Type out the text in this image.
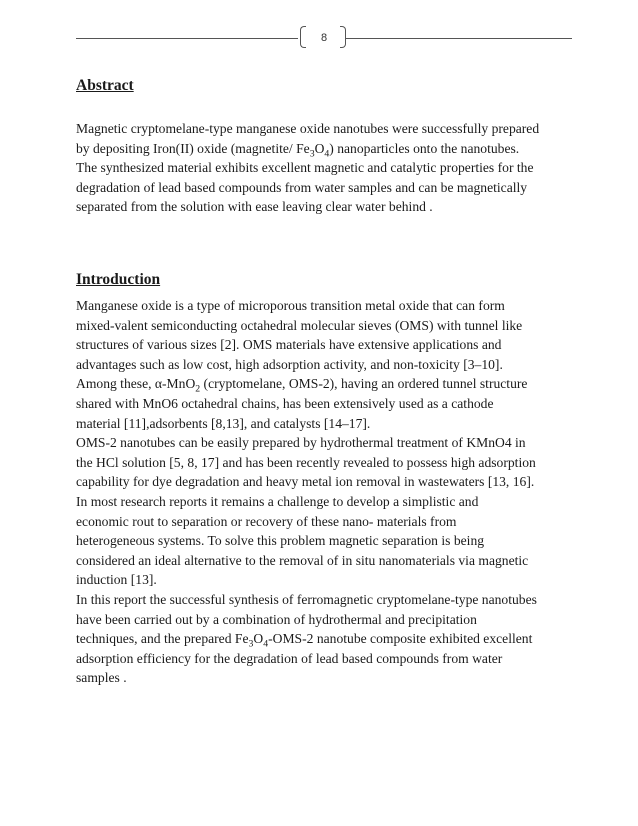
8
Abstract

Magnetic cryptomelane-type manganese oxide nanotubes were successfully prepared
by depositing Iron(II) oxide (magnetite/ $Fe_3O_4$) nanoparticles onto the nanotubes.
The synthesized material exhibits excellent magnetic and catalytic properties for the
degradation of lead based compounds from water samples and can be magnetically
separated from the solution with ease leaving clear water behind .

Introduction

Manganese oxide is a type of microporous transition metal oxide that can form
mixed-valent semiconducting octahedral molecular sieves (OMS) with tunnel like
structures of various sizes [2]. OMS materials have extensive applications and
advantages such as low cost, high adsorption activity, and non-toxicity [3–10].
Among these, α-MnO$_2$ (cryptomelane, OMS-2), having an ordered tunnel structure
shared with MnO6 octahedral chains, has been extensively used as a cathode
material [11],adsorbents [8,13], and catalysts [14–17].
OMS-2 nanotubes can be easily prepared by hydrothermal treatment of KMnO4 in
the HCl solution [5, 8, 17] and has been recently revealed to possess high adsorption
capability for dye degradation and heavy metal ion removal in wastewaters [13, 16].
In most research reports it remains a challenge to develop a simplistic and
economic rout to separation or recovery of these nano- materials from
heterogeneous systems. To solve this problem magnetic separation is being
considered an ideal alternative to the removal of in situ nanomaterials via magnetic
induction [13].
In this report the successful synthesis of ferromagnetic cryptomelane-type nanotubes
have been carried out by a combination of hydrothermal and precipitation
techniques, and the prepared $Fe_3O_4-OMS-2$ nanotube composite exhibited excellent
adsorption efficiency for the degradation of lead based compounds from water
samples .
